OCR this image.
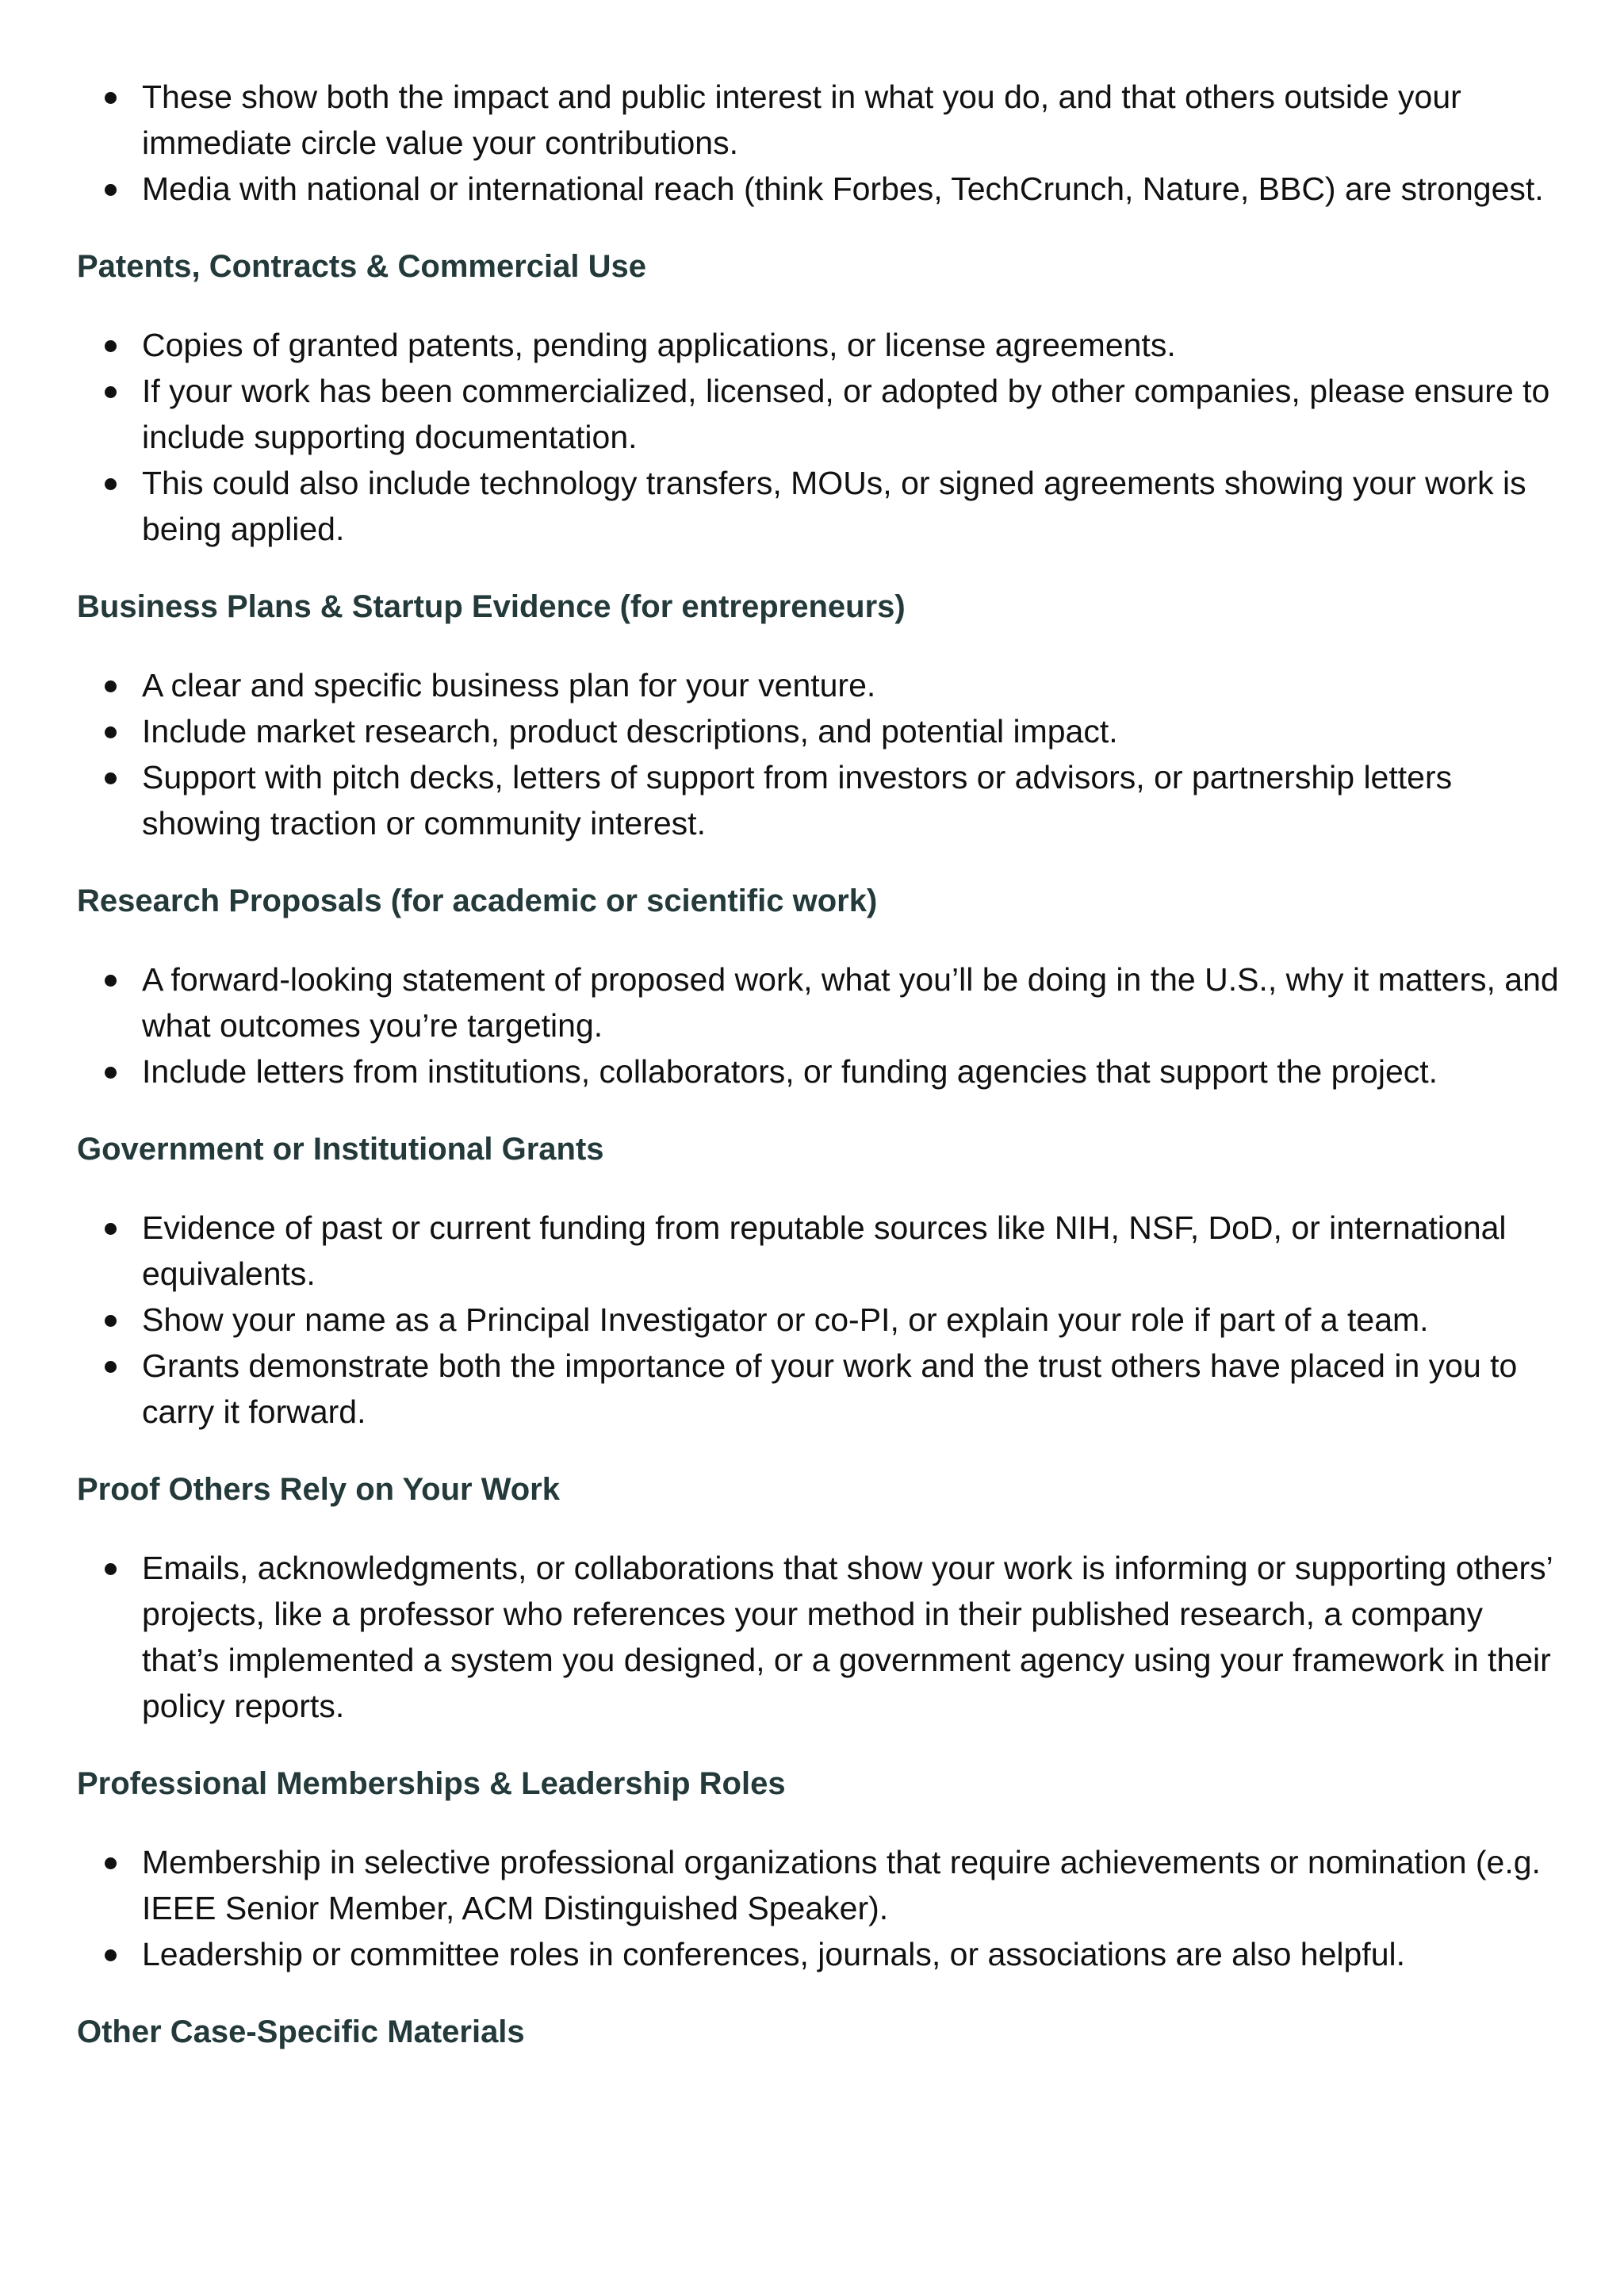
These show both the impact and public interest in what you do, and that others outside your immediate circle value your contributions.
Media with national or international reach (think Forbes, TechCrunch, Nature, BBC) are strongest.
Patents, Contracts & Commercial Use
Copies of granted patents, pending applications, or license agreements.
If your work has been commercialized, licensed, or adopted by other companies, please ensure to include supporting documentation.
This could also include technology transfers, MOUs, or signed agreements showing your work is being applied.
Business Plans & Startup Evidence (for entrepreneurs)
A clear and specific business plan for your venture.
Include market research, product descriptions, and potential impact.
Support with pitch decks, letters of support from investors or advisors, or partnership letters showing traction or community interest.
Research Proposals (for academic or scientific work)
A forward-looking statement of proposed work, what you’ll be doing in the U.S., why it matters, and what outcomes you’re targeting.
Include letters from institutions, collaborators, or funding agencies that support the project.
Government or Institutional Grants
Evidence of past or current funding from reputable sources like NIH, NSF, DoD, or international equivalents.
Show your name as a Principal Investigator or co-PI, or explain your role if part of a team.
Grants demonstrate both the importance of your work and the trust others have placed in you to carry it forward.
Proof Others Rely on Your Work
Emails, acknowledgments, or collaborations that show your work is informing or supporting others’ projects, like a professor who references your method in their published research, a company that’s implemented a system you designed, or a government agency using your framework in their policy reports.
Professional Memberships & Leadership Roles
Membership in selective professional organizations that require achievements or nomination (e.g. IEEE Senior Member, ACM Distinguished Speaker).
Leadership or committee roles in conferences, journals, or associations are also helpful.
Other Case-Specific Materials
